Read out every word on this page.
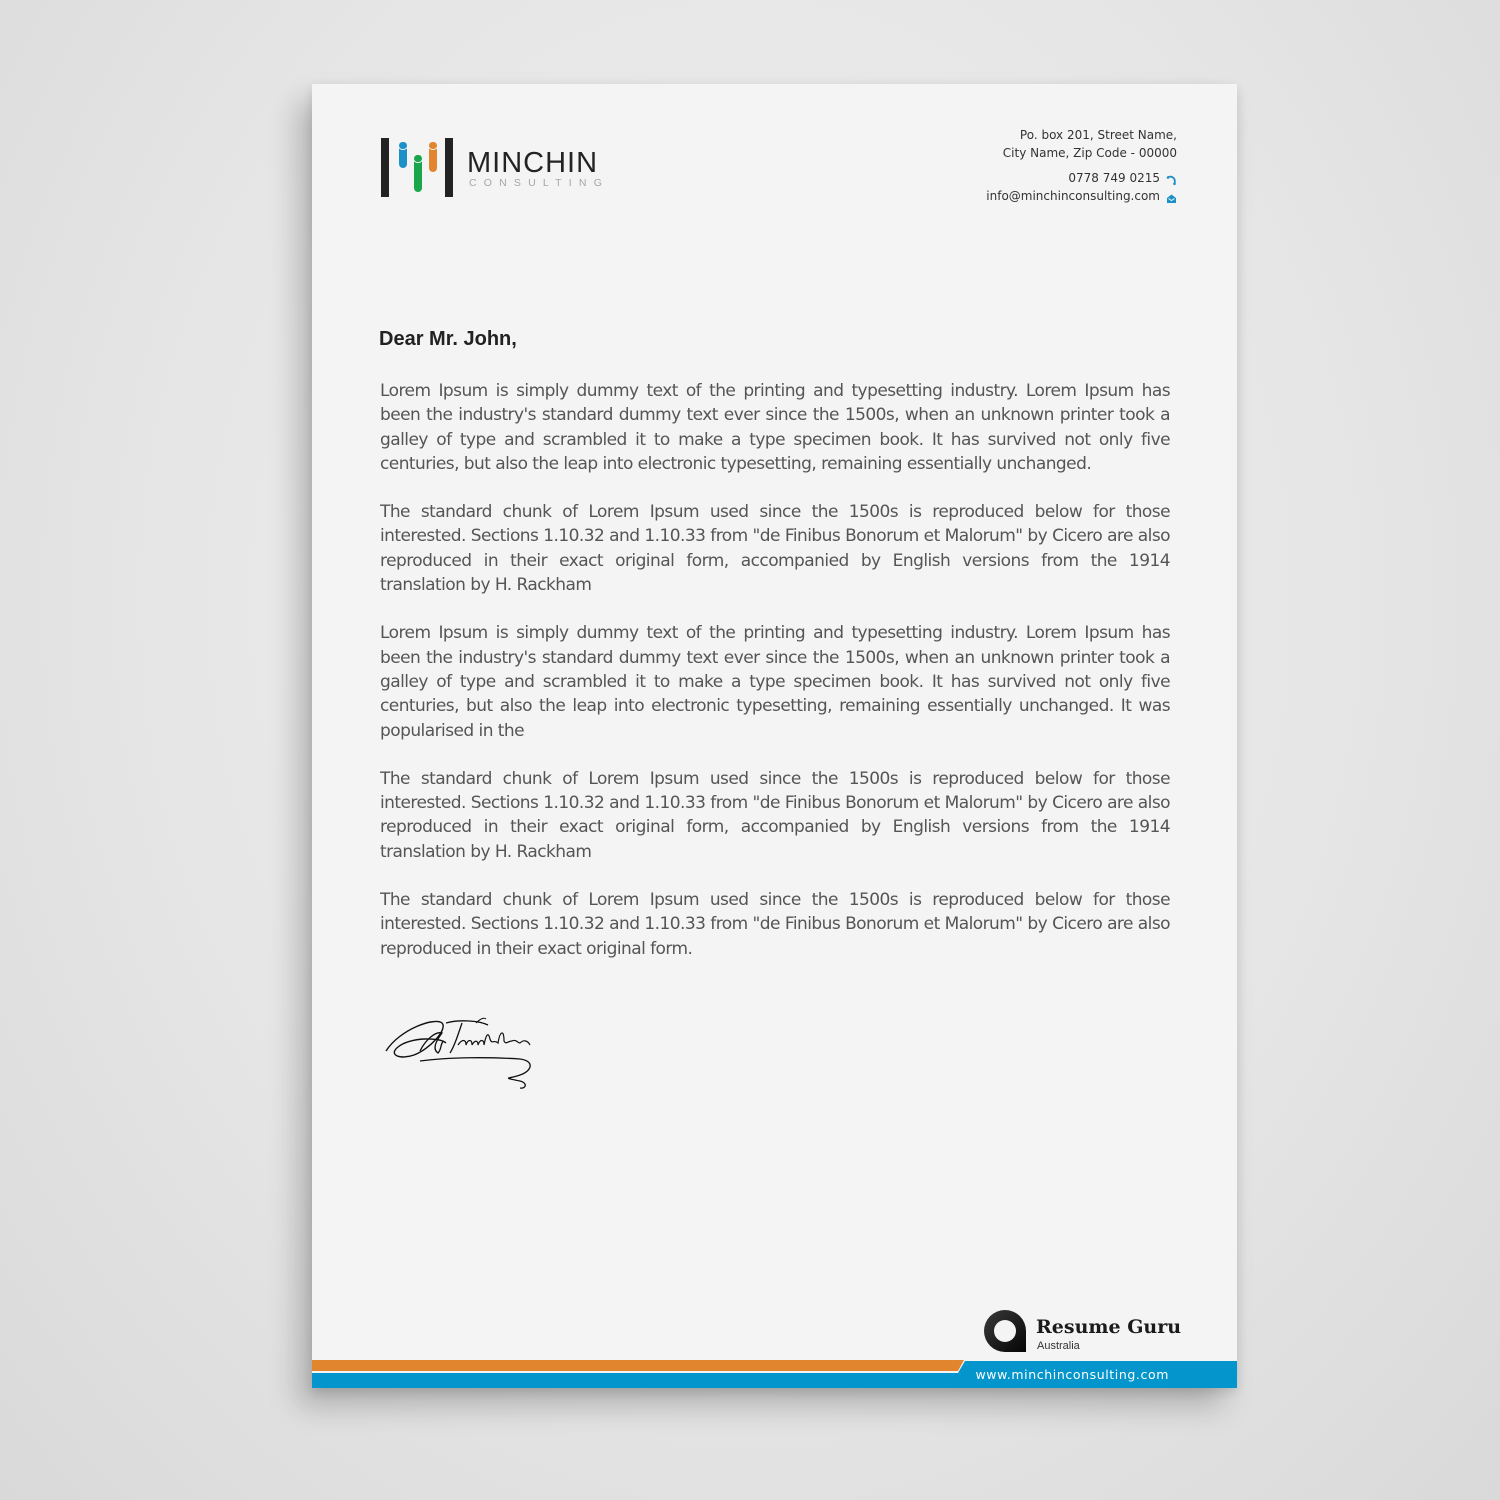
MINCHIN
CONSULTING
Po. box 201, Street Name,
City Name, Zip Code - 00000
0778 749 0215
info@minchinconsulting.com
Dear Mr. John,

Lorem Ipsum is simply dummy text of the printing and typesetting industry. Lorem Ipsum has been the industry's standard dummy text ever since the 1500s, when an unknown printer took a galley of type and scrambled it to make a type specimen book. It has survived not only five centuries, but also the leap into electronic typesetting, remaining essentially unchanged.

The standard chunk of Lorem Ipsum used since the 1500s is reproduced below for those interested. Sections 1.10.32 and 1.10.33 from "de Finibus Bonorum et Malorum" by Cicero are also reproduced in their exact original form, accompanied by English versions from the 1914 translation by H. Rackham

Lorem Ipsum is simply dummy text of the printing and typesetting industry. Lorem Ipsum has been the industry's standard dummy text ever since the 1500s, when an unknown printer took a galley of type and scrambled it to make a type specimen book. It has survived not only five centuries, but also the leap into electronic typesetting, remaining essentially unchanged. It was popularised in the

The standard chunk of Lorem Ipsum used since the 1500s is reproduced below for those interested. Sections 1.10.32 and 1.10.33 from "de Finibus Bonorum et Malorum" by Cicero are also reproduced in their exact original form, accompanied by English versions from the 1914 translation by H. Rackham

The standard chunk of Lorem Ipsum used since the 1500s is reproduced below for those interested. Sections 1.10.32 and 1.10.33 from "de Finibus Bonorum et Malorum" by Cicero are also reproduced in their exact original form.

Resume Guru
Australia
www.minchinconsulting.com
